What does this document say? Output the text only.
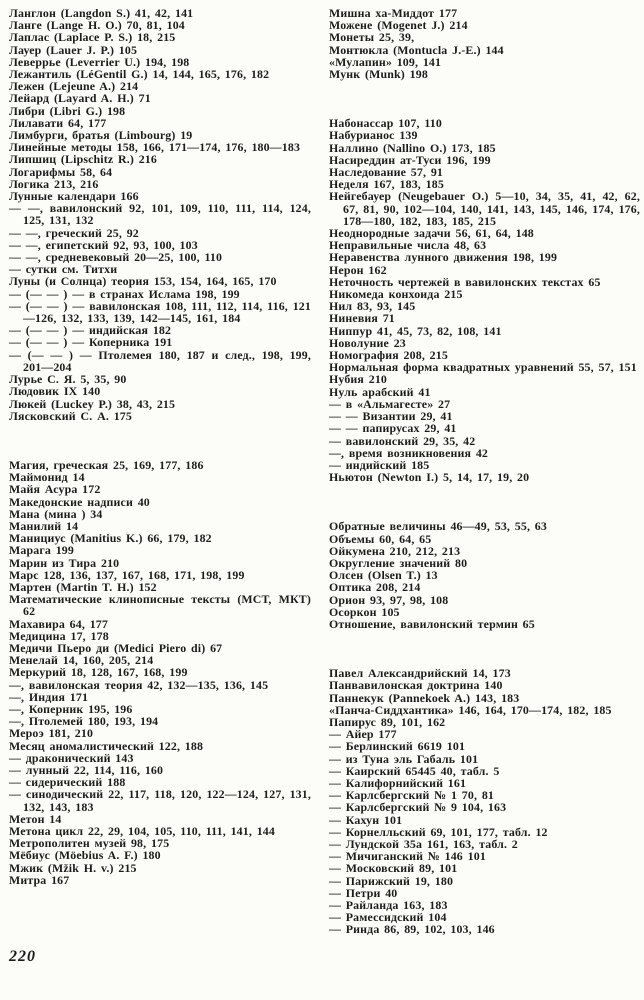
Ланглон (Langdon S.) 41, 42, 141
Ланге (Lange H. O.) 70, 81, 104
Лаплас (Laplace P. S.) 18, 215
Лауер (Lauer J. P.) 105
Леверрье (Leverrier U.) 194, 198
Лежантиль (LéGentil G.) 14, 144, 165, 176, 182
Лежен (Lejeune A.) 214
Лейард (Layard A. H.) 71
Либри (Libri G.) 198
Лилавати 64, 177
Лимбурги, братья (Limbourg) 19
Линейные методы 158, 166, 171—174, 176, 180—183
Липшиц (Lipschitz R.) 216
Логарифмы 58, 64
Логика 213, 216
Лунные календари 166
— —, вавилонский 92, 101, 109, 110, 111, 114, 124, 125, 131, 132
— —, греческий 25, 92
— —, египетский 92, 93, 100, 103
— —, средневековый 20—25, 100, 110
— сутки см. Титхи
Луны (и Солнца) теория 153, 154, 164, 165, 170
— (— — ) — в странах Ислама 198, 199
— (— — ) — вавилонская 108, 111, 112, 114, 116, 121—126, 132, 133, 139, 142—145, 161, 184
— (— — ) — индийская 182
— (— — ) — Коперника 191
— (— — ) — Птолемея 180, 187 и след., 198, 199, 201—204
Лурье С. Я. 5, 35, 90
Людовик IX 140
Люкей (Luckey P.) 38, 43, 215
Лясковский С. А. 175
Магия, греческая 25, 169, 177, 186
Маймонид 14
Майя Асура 172
Македонские надписи 40
Мана (мина ) 34
Манилий 14
Манициус (Manitius K.) 66, 179, 182
Марага 199
Марин из Тира 210
Марс 128, 136, 137, 167, 168, 171, 198, 199
Мартен (Martin T. H.) 152
Математические клинописные тексты (МСТ, МКТ) 62
Махавира 64, 177
Медицина 17, 178
Медичи Пьеро ди (Medici Piero di) 67
Менелай 14, 160, 205, 214
Меркурий 18, 128, 167, 168, 199
—, вавилонская теория 42, 132—135, 136, 145
—, Индия 171
—, Коперник 195, 196
—, Птолемей 180, 193, 194
Мероэ 181, 210
Месяц аномалистический 122, 188
— драконический 143
— лунный 22, 114, 116, 160
— сидерический 188
— синодический 22, 117, 118, 120, 122—124, 127, 131, 132, 143, 183
Метон 14
Метона цикл 22, 29, 104, 105, 110, 111, 141, 144
Метрополитен музей 98, 175
Мёбиус (Möebius A. F.) 180
Мжик (Mžik H. v.) 215
Митра 167
Мишна ха-Миддот 177
Можене (Mogenet J.) 214
Монеты 25, 39,
Монтюкла (Montucla J.-E.) 144
«Мулапин» 109, 141
Мунк (Munk) 198
Набонассар 107, 110
Набурианос 139
Наллино (Nallino O.) 173, 185
Насиреддин ат-Туси 196, 199
Наследование 57, 91
Неделя 167, 183, 185
Нейгебауер (Neugebauer O.) 5—10, 34, 35, 41, 42, 62, 67, 81, 90, 102—104, 140, 141, 143, 145, 146, 174, 176, 178—180, 182, 183, 185, 215
Неоднородные задачи 56, 61, 64, 148
Неправильные числа 48, 63
Неравенства лунного движения 198, 199
Нерон 162
Неточность чертежей в вавилонских текстах 65
Никомеда конхоида 215
Нил 83, 93, 145
Ниневия 71
Ниппур 41, 45, 73, 82, 108, 141
Новолуние 23
Номография 208, 215
Нормальная форма квадратных уравнений 55, 57, 151
Нубия 210
Нуль арабский 41
— в «Альмагесте» 27
— — Византии 29, 41
— — папирусах 29, 41
— вавилонский 29, 35, 42
—, время возникновения 42
— индийский 185
Ньютон (Newton I.) 5, 14, 17, 19, 20
Обратные величины 46—49, 53, 55, 63
Объемы 60, 64, 65
Ойкумена 210, 212, 213
Округление значений 80
Олсен (Olsen T.) 13
Оптика 208, 214
Орион 93, 97, 98, 108
Осоркон 105
Отношение, вавилонский термин 65
Павел Александрийский 14, 173
Панвавилонская доктрина 140
Паннекук (Pannekoek A.) 143, 183
«Панча-Сиддхантика» 146, 164, 170—174, 182, 185
Папирус 89, 101, 162
— Айер 177
— Берлинский 6619 101
— из Туна эль Габаль 101
— Каирский 65445 40, табл. 5
— Калифорнийский 161
— Карлсбергский № 1 70, 81
— Карлсбергский № 9 104, 163
— Кахун 101
— Корнелльский 69, 101, 177, табл. 12
— Лундской 35а 161, 163, табл. 2
— Мичиганский № 146 101
— Московский 89, 101
— Парижский 19, 180
— Петри 40
— Райланда 163, 183
— Рамессидский 104
— Ринда 86, 89, 102, 103, 146
220
